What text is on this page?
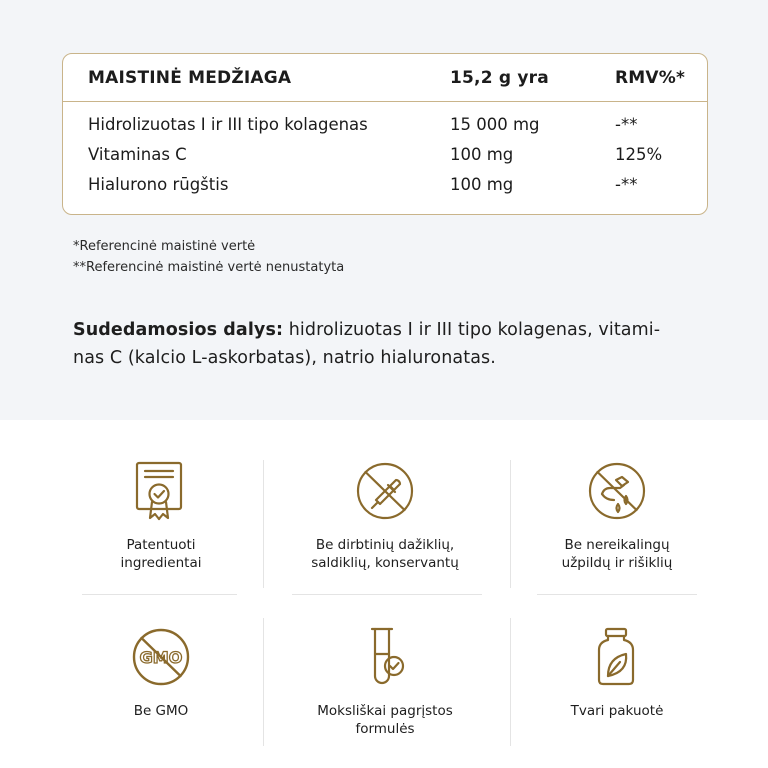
MAISTINĖ MEDŽIAGA	15,2 g yra	RMV%*
Hidrolizuotas I ir III tipo kolagenas	15 000 mg	-**
Vitaminas C	100 mg	125%
Hialurono rūgštis	100 mg	-**
*Referencinė maistinė vertė
**Referencinė maistinė vertė nenustatyta
Sudedamosios dalys: hidrolizuotas I ir III tipo kolagenas, vitami-
nas C (kalcio L-askorbatas), natrio hialuronatas.
Patentuoti
ingredientai
Be dirbtinių dažiklių,
saldiklių, konservantų
Be nereikalingų
užpildų ir rišiklių
GMO
Be GMO	Moksliškai pagrįstos
formulės
Tvari pakuotė
